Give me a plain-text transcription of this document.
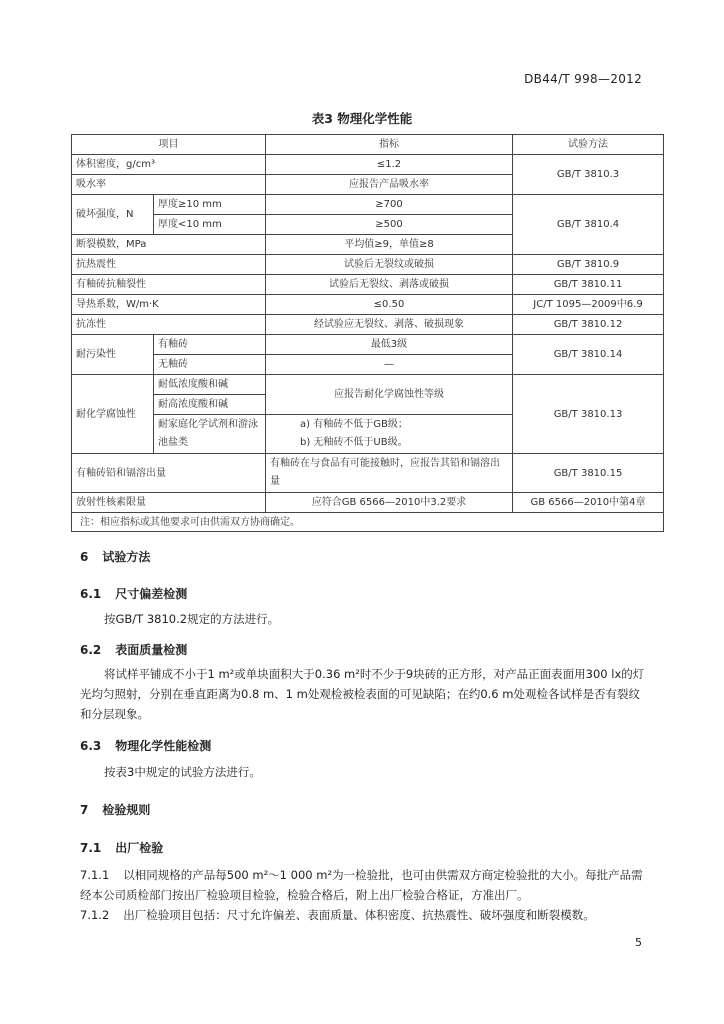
DB44/T 998—2012
表3 物理化学性能
项目		指标	试验方法
体积密度，g/cm³		≤1.2	GB/T 3810.3
吸水率		应报告产品吸水率	
破坏强度，N	厚度≥10 mm	≥700	GB/T 3810.4
	厚度<10 mm	≥500	
断裂模数，MPa		平均值≥9，单值≥8	
抗热震性		试验后无裂纹或破损	GB/T 3810.9
有釉砖抗釉裂性		试验后无裂纹、剥落或破损	GB/T 3810.11
导热系数，W/m·K		≤0.50	JC/T 1095—2009中6.9
抗冻性		经试验应无裂纹、剥落、破损现象	GB/T 3810.12
耐污染性	有釉砖	最低3级	GB/T 3810.14
	无釉砖	—	
耐化学腐蚀性	耐低浓度酸和碱	应报告耐化学腐蚀性等级	GB/T 3810.13
	耐高浓度酸和碱		
	耐家庭化学试剂和游泳池盐类	a) 有釉砖不低于GB级；
b) 无釉砖不低于UB级。	

有釉砖铅和镉溶出量		有釉砖在与食品有可能接触时，应报告其铅和镉溶出量	GB/T 3810.15
放射性核素限量		应符合GB 6566—2010中3.2要求	GB 6566—2010中第4章
注：相应指标或其他要求可由供需双方协商确定。			
6 试验方法
6.1 尺寸偏差检测
按GB/T 3810.2规定的方法进行。
6.2 表面质量检测
将试样平铺成不小于1 m²或单块面积大于0.36 m²时不少于9块砖的正方形，对产品正面表面用300 lx的灯光均匀照射，分别在垂直距离为0.8 m、1 m处观检被检表面的可见缺陷；在约0.6 m处观检各试样是否有裂纹和分层现象。
6.3 物理化学性能检测
按表3中规定的试验方法进行。
7 检验规则
7.1 出厂检验
7.1.1 以相同规格的产品每500 m²～1 000 m²为一检验批，也可由供需双方商定检验批的大小。每批产品需经本公司质检部门按出厂检验项目检验，检验合格后，附上出厂检验合格证，方准出厂。
7.1.2 出厂检验项目包括：尺寸允许偏差、表面质量、体积密度、抗热震性、破坏强度和断裂模数。
5
